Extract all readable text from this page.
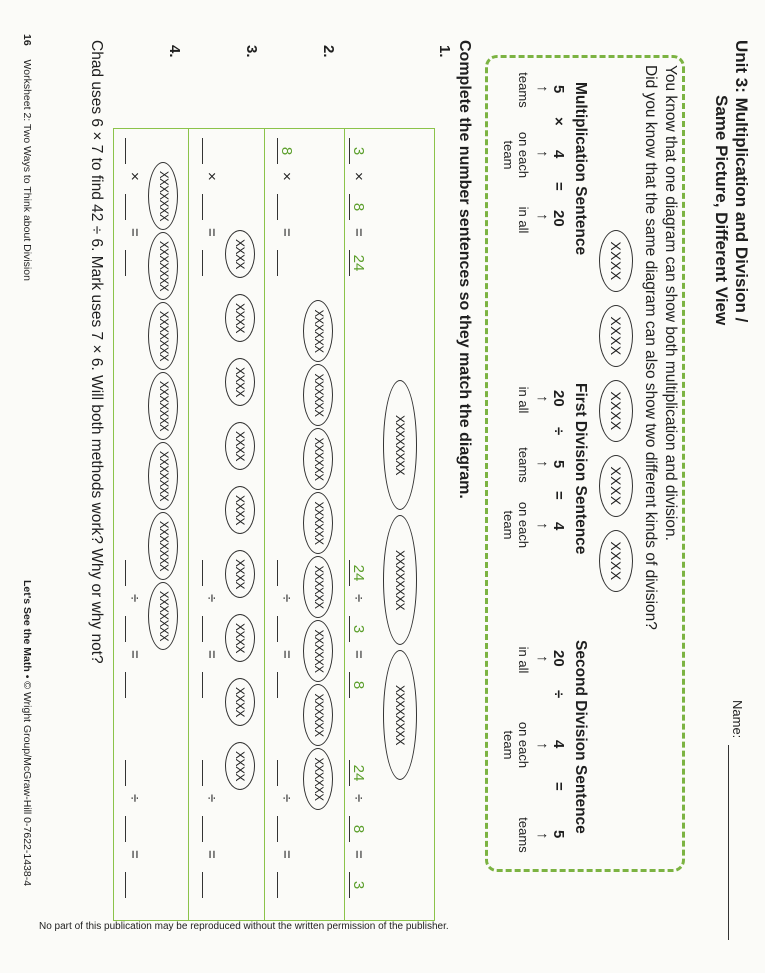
Unit 3: Multiplication and Division /
Same Picture, Different View
Name:
You know that one diagram can show both multiplication and division.
Did you know that the same diagram can also show two different kinds of division?
XXXX
XXXX
XXXX
XXXX
XXXX
Multiplication Sentence
5
×
4
=
20
↑
↑
↑
teams
on each team
in all
First Division Sentence
20
÷
5
=
4
↑
↑
↑
in all
teams
on each team
Second Division Sentence
20
÷
4
=
5
↑
↑
↑
in all
on each team
teams
Complete the number sentences so they match the diagram.
1.
2.
3.
4.
XXXXXXXX
XXXXXXXX
XXXXXXXX
3
×
8
=
24
24
÷
3
=
8
24
÷
8
=
3
XXXXXX
XXXXXX
XXXXXX
XXXXXX
XXXXXX
XXXXXX
XXXXXX
XXXXXX
8
×
=
÷
=
÷
=
XXXX
XXXX
XXXX
XXXX
XXXX
XXXX
XXXX
XXXX
XXXX
×
=
÷
=
÷
=
XXXXXXX
XXXXXXX
XXXXXXX
XXXXXXX
XXXXXXX
XXXXXXX
XXXXXXX
×
=
÷
=
÷
=
Chad uses 6 × 7 to find 42 ÷ 6. Mark uses 7 × 6. Will both methods work? Why or why not?
16  Worksheet 2: Two Ways to Think about Division
Let's See the Math • © Wright Group/McGraw-Hill 0-7622-1438-4
No part of this publication may be reproduced without the written permission of the publisher.
